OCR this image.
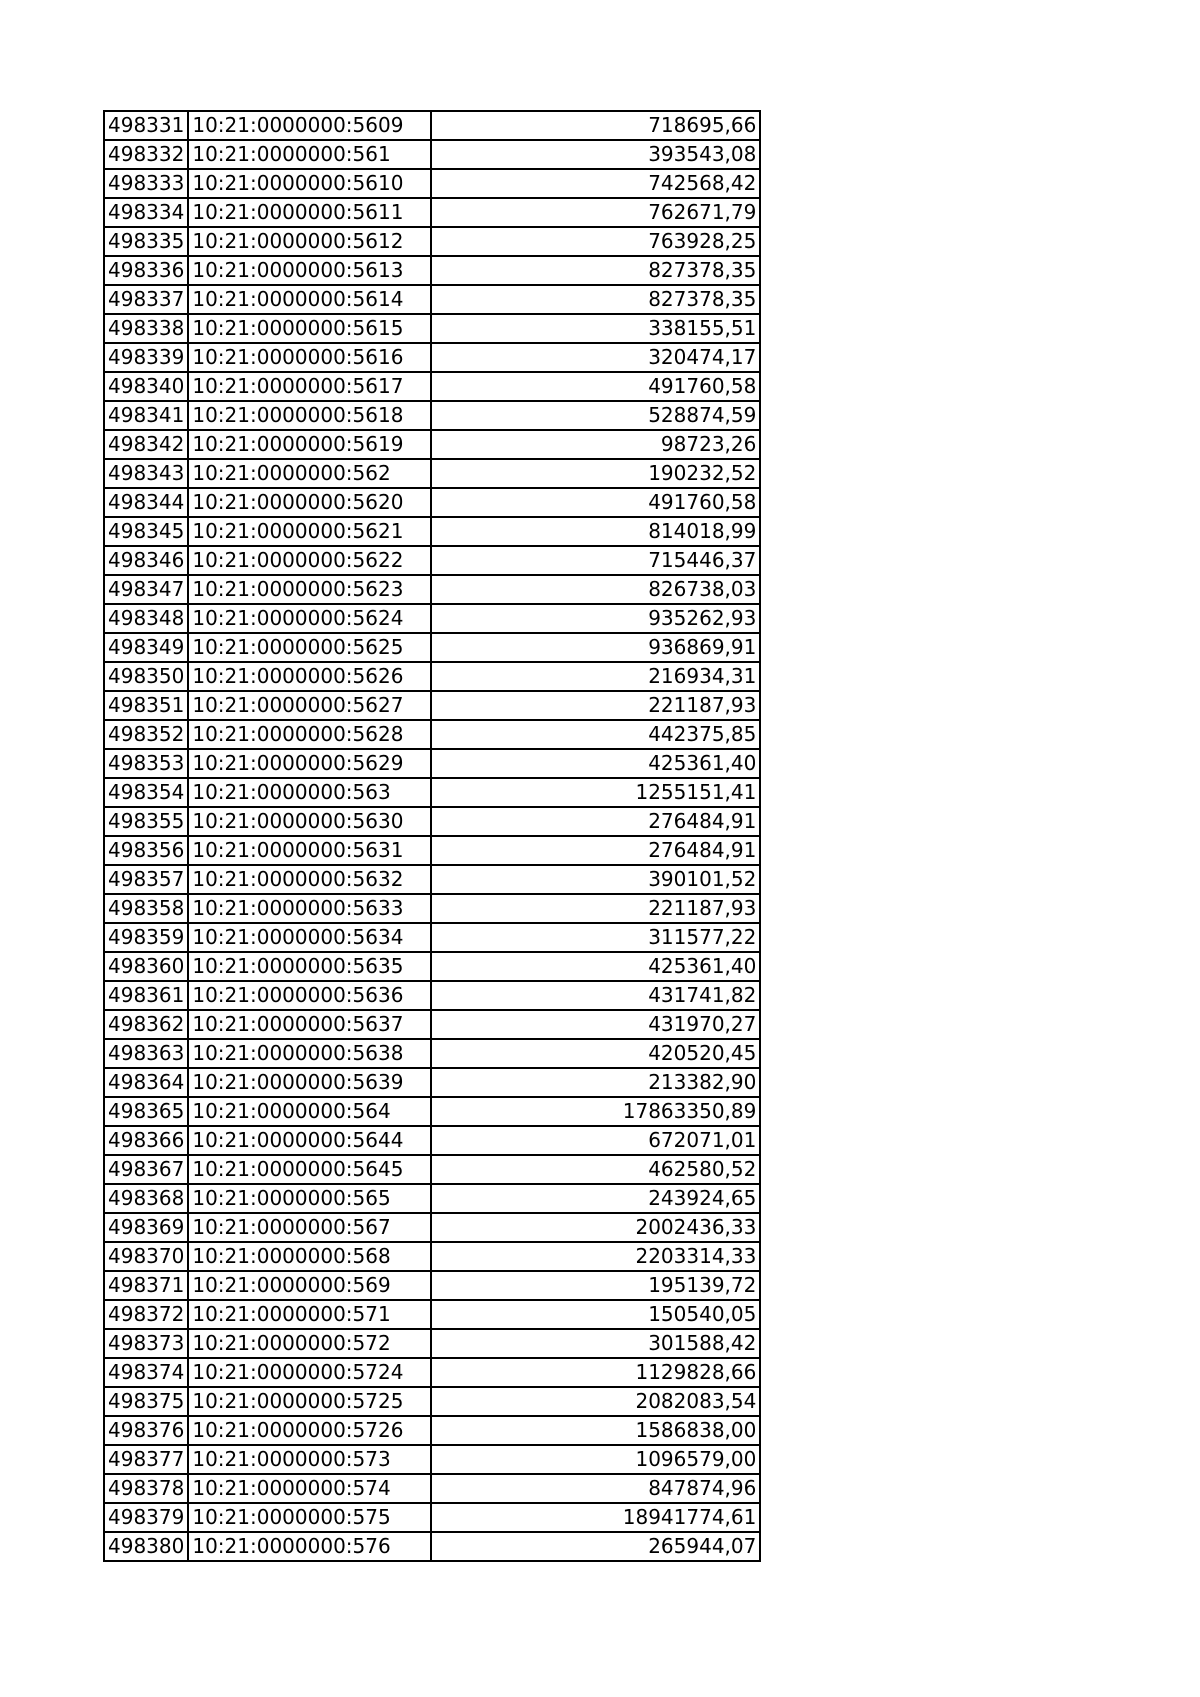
498331	10:21:0000000:5609	718695,66
498332	10:21:0000000:561	393543,08
498333	10:21:0000000:5610	742568,42
498334	10:21:0000000:5611	762671,79
498335	10:21:0000000:5612	763928,25
498336	10:21:0000000:5613	827378,35
498337	10:21:0000000:5614	827378,35
498338	10:21:0000000:5615	338155,51
498339	10:21:0000000:5616	320474,17
498340	10:21:0000000:5617	491760,58
498341	10:21:0000000:5618	528874,59
498342	10:21:0000000:5619	98723,26
498343	10:21:0000000:562	190232,52
498344	10:21:0000000:5620	491760,58
498345	10:21:0000000:5621	814018,99
498346	10:21:0000000:5622	715446,37
498347	10:21:0000000:5623	826738,03
498348	10:21:0000000:5624	935262,93
498349	10:21:0000000:5625	936869,91
498350	10:21:0000000:5626	216934,31
498351	10:21:0000000:5627	221187,93
498352	10:21:0000000:5628	442375,85
498353	10:21:0000000:5629	425361,40
498354	10:21:0000000:563	1255151,41
498355	10:21:0000000:5630	276484,91
498356	10:21:0000000:5631	276484,91
498357	10:21:0000000:5632	390101,52
498358	10:21:0000000:5633	221187,93
498359	10:21:0000000:5634	311577,22
498360	10:21:0000000:5635	425361,40
498361	10:21:0000000:5636	431741,82
498362	10:21:0000000:5637	431970,27
498363	10:21:0000000:5638	420520,45
498364	10:21:0000000:5639	213382,90
498365	10:21:0000000:564	17863350,89
498366	10:21:0000000:5644	672071,01
498367	10:21:0000000:5645	462580,52
498368	10:21:0000000:565	243924,65
498369	10:21:0000000:567	2002436,33
498370	10:21:0000000:568	2203314,33
498371	10:21:0000000:569	195139,72
498372	10:21:0000000:571	150540,05
498373	10:21:0000000:572	301588,42
498374	10:21:0000000:5724	1129828,66
498375	10:21:0000000:5725	2082083,54
498376	10:21:0000000:5726	1586838,00
498377	10:21:0000000:573	1096579,00
498378	10:21:0000000:574	847874,96
498379	10:21:0000000:575	18941774,61
498380	10:21:0000000:576	265944,07
